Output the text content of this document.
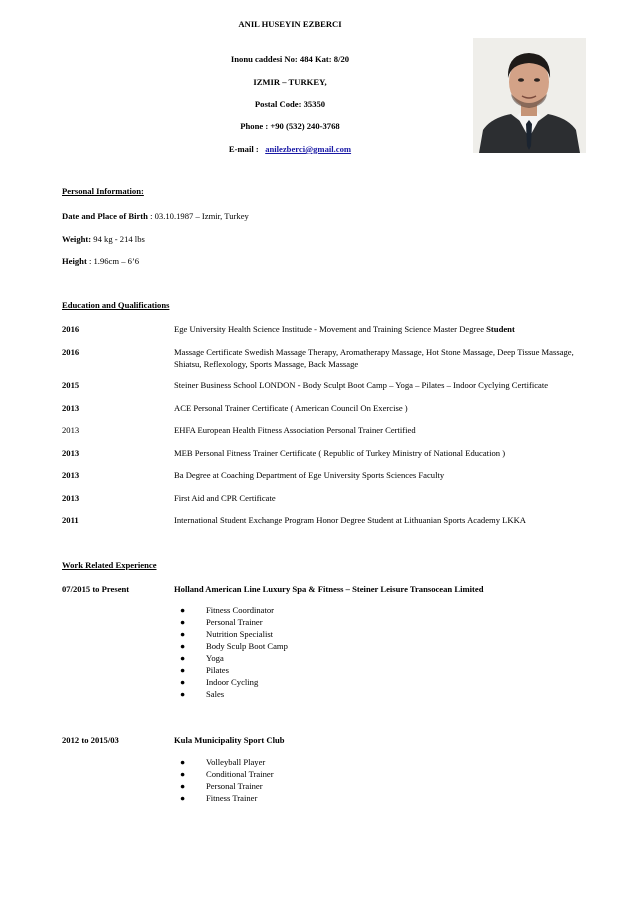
ANIL HUSEYIN EZBERCI
Inonu caddesi No: 484 Kat: 8/20
IZMIR – TURKEY,
Postal Code: 35350
Phone : +90 (532) 240-3768
E-mail : anilezberci@gmail.com
Personal Information:
Date and Place of Birth : 03.10.1987 – Izmir, Turkey
Weight: 94 kg - 214 lbs
Height : 1.96cm – 6’6
Education and Qualifications
2016	Ege University Health Science Institude - Movement and Training Science Master Degree Student
2016	Massage Certificate Swedish Massage Therapy, Aromatherapy Massage, Hot Stone Massage, Deep Tissue Massage,
Shiatsu, Reflexology, Sports Massage, Back Massage
2015	Steiner Business School LONDON - Body Sculpt Boot Camp – Yoga – Pilates – Indoor Cyclying Certificate
2013	ACE Personal Trainer Certificate ( American Council On Exercise )
2013	EHFA European Health Fitness Association Personal Trainer Certified
2013	MEB Personal Fitness Trainer Certificate ( Republic of Turkey Ministry of National Education )
2013	Ba Degree at Coaching Department of Ege University Sports Sciences Faculty
2013	First Aid and CPR Certificate
2011	International Student Exchange Program Honor Degree Student at Lithuanian Sports Academy LKKA
Work Related Experience
07/2015 to Present	Holland American Line Luxury Spa & Fitness – Steiner Leisure Transocean Limited
● Fitness Coordinator
● Personal Trainer
● Nutrition Specialist
● Body Sculp Boot Camp
● Yoga
● Pilates
● Indoor Cycling
● Sales
2012 to 2015/03	Kula Municipality Sport Club
● Volleyball Player
● Conditional Trainer
● Personal Trainer
● Fitness Trainer
